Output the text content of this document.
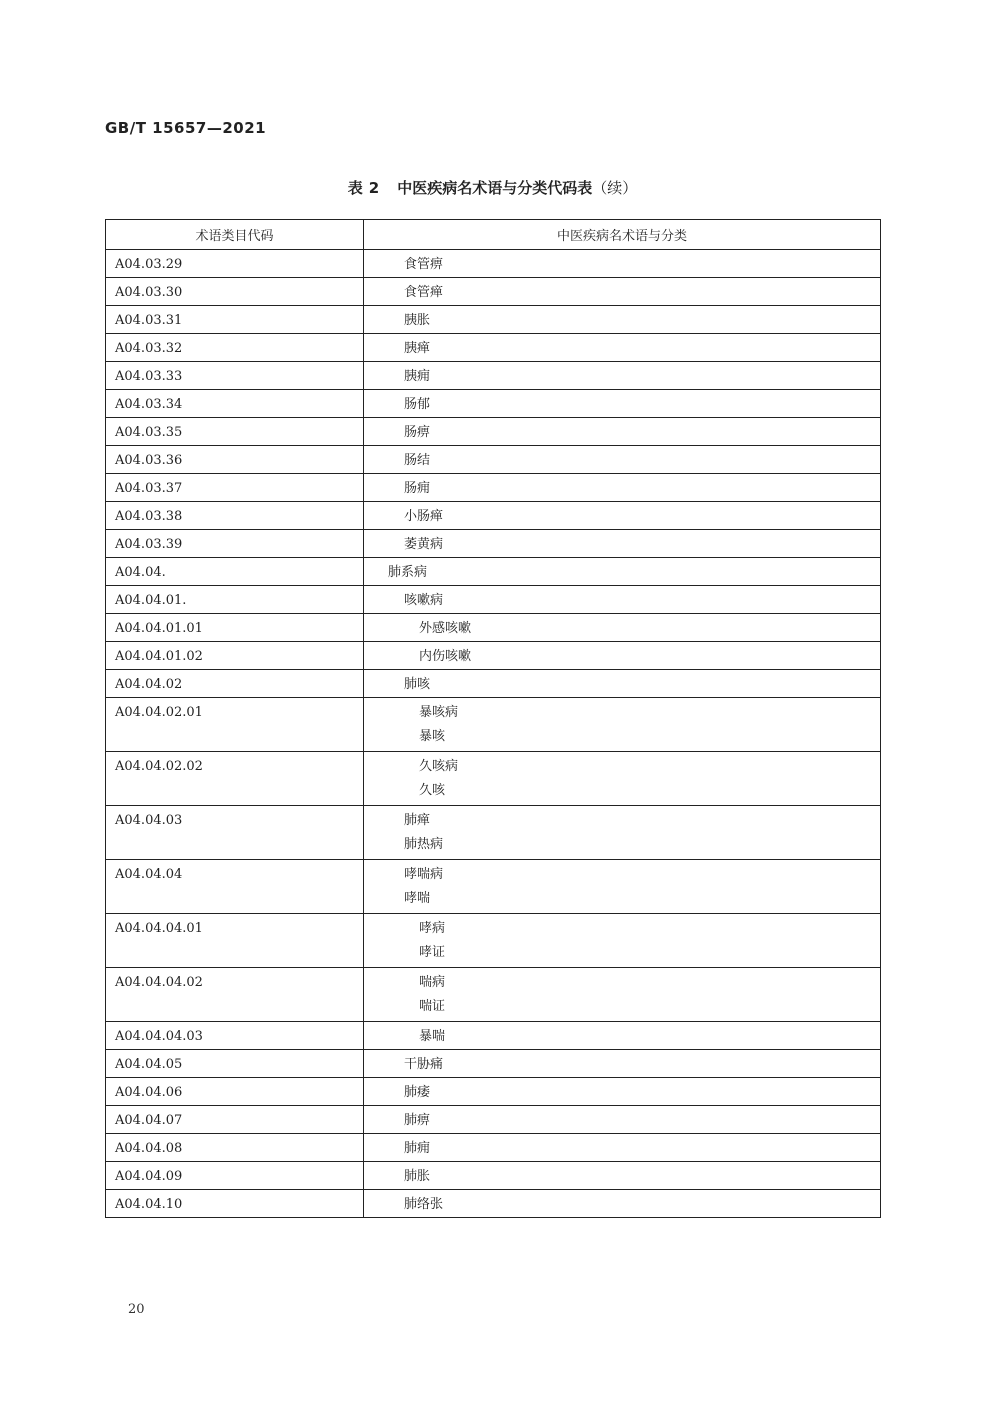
GB/T 15657—2021
表 2 中医疾病名术语与分类代码表（续）
术语类目代码	中医疾病名术语与分类
A04.03.29	食管痹

A04.03.30	食管瘅

A04.03.31	胰胀

A04.03.32	胰瘅

A04.03.33	胰痈

A04.03.34	肠郁

A04.03.35	肠痹

A04.03.36	肠结

A04.03.37	肠痈

A04.03.38	小肠瘅

A04.03.39	萎黄病

A04.04.	肺系病

A04.04.01.	咳嗽病

A04.04.01.01	外感咳嗽

A04.04.01.02	内伤咳嗽

A04.04.02	肺咳

A04.04.02.01	暴咳病
暴咳

A04.04.02.02	久咳病
久咳

A04.04.03	肺瘅
肺热病

A04.04.04	哮喘病
哮喘

A04.04.04.01	哮病
哮证

A04.04.04.02	喘病
喘证

A04.04.04.03	暴喘

A04.04.05	干胁痛

A04.04.06	肺痿

A04.04.07	肺痹

A04.04.08	肺痈

A04.04.09	肺胀

A04.04.10	肺络张
20
